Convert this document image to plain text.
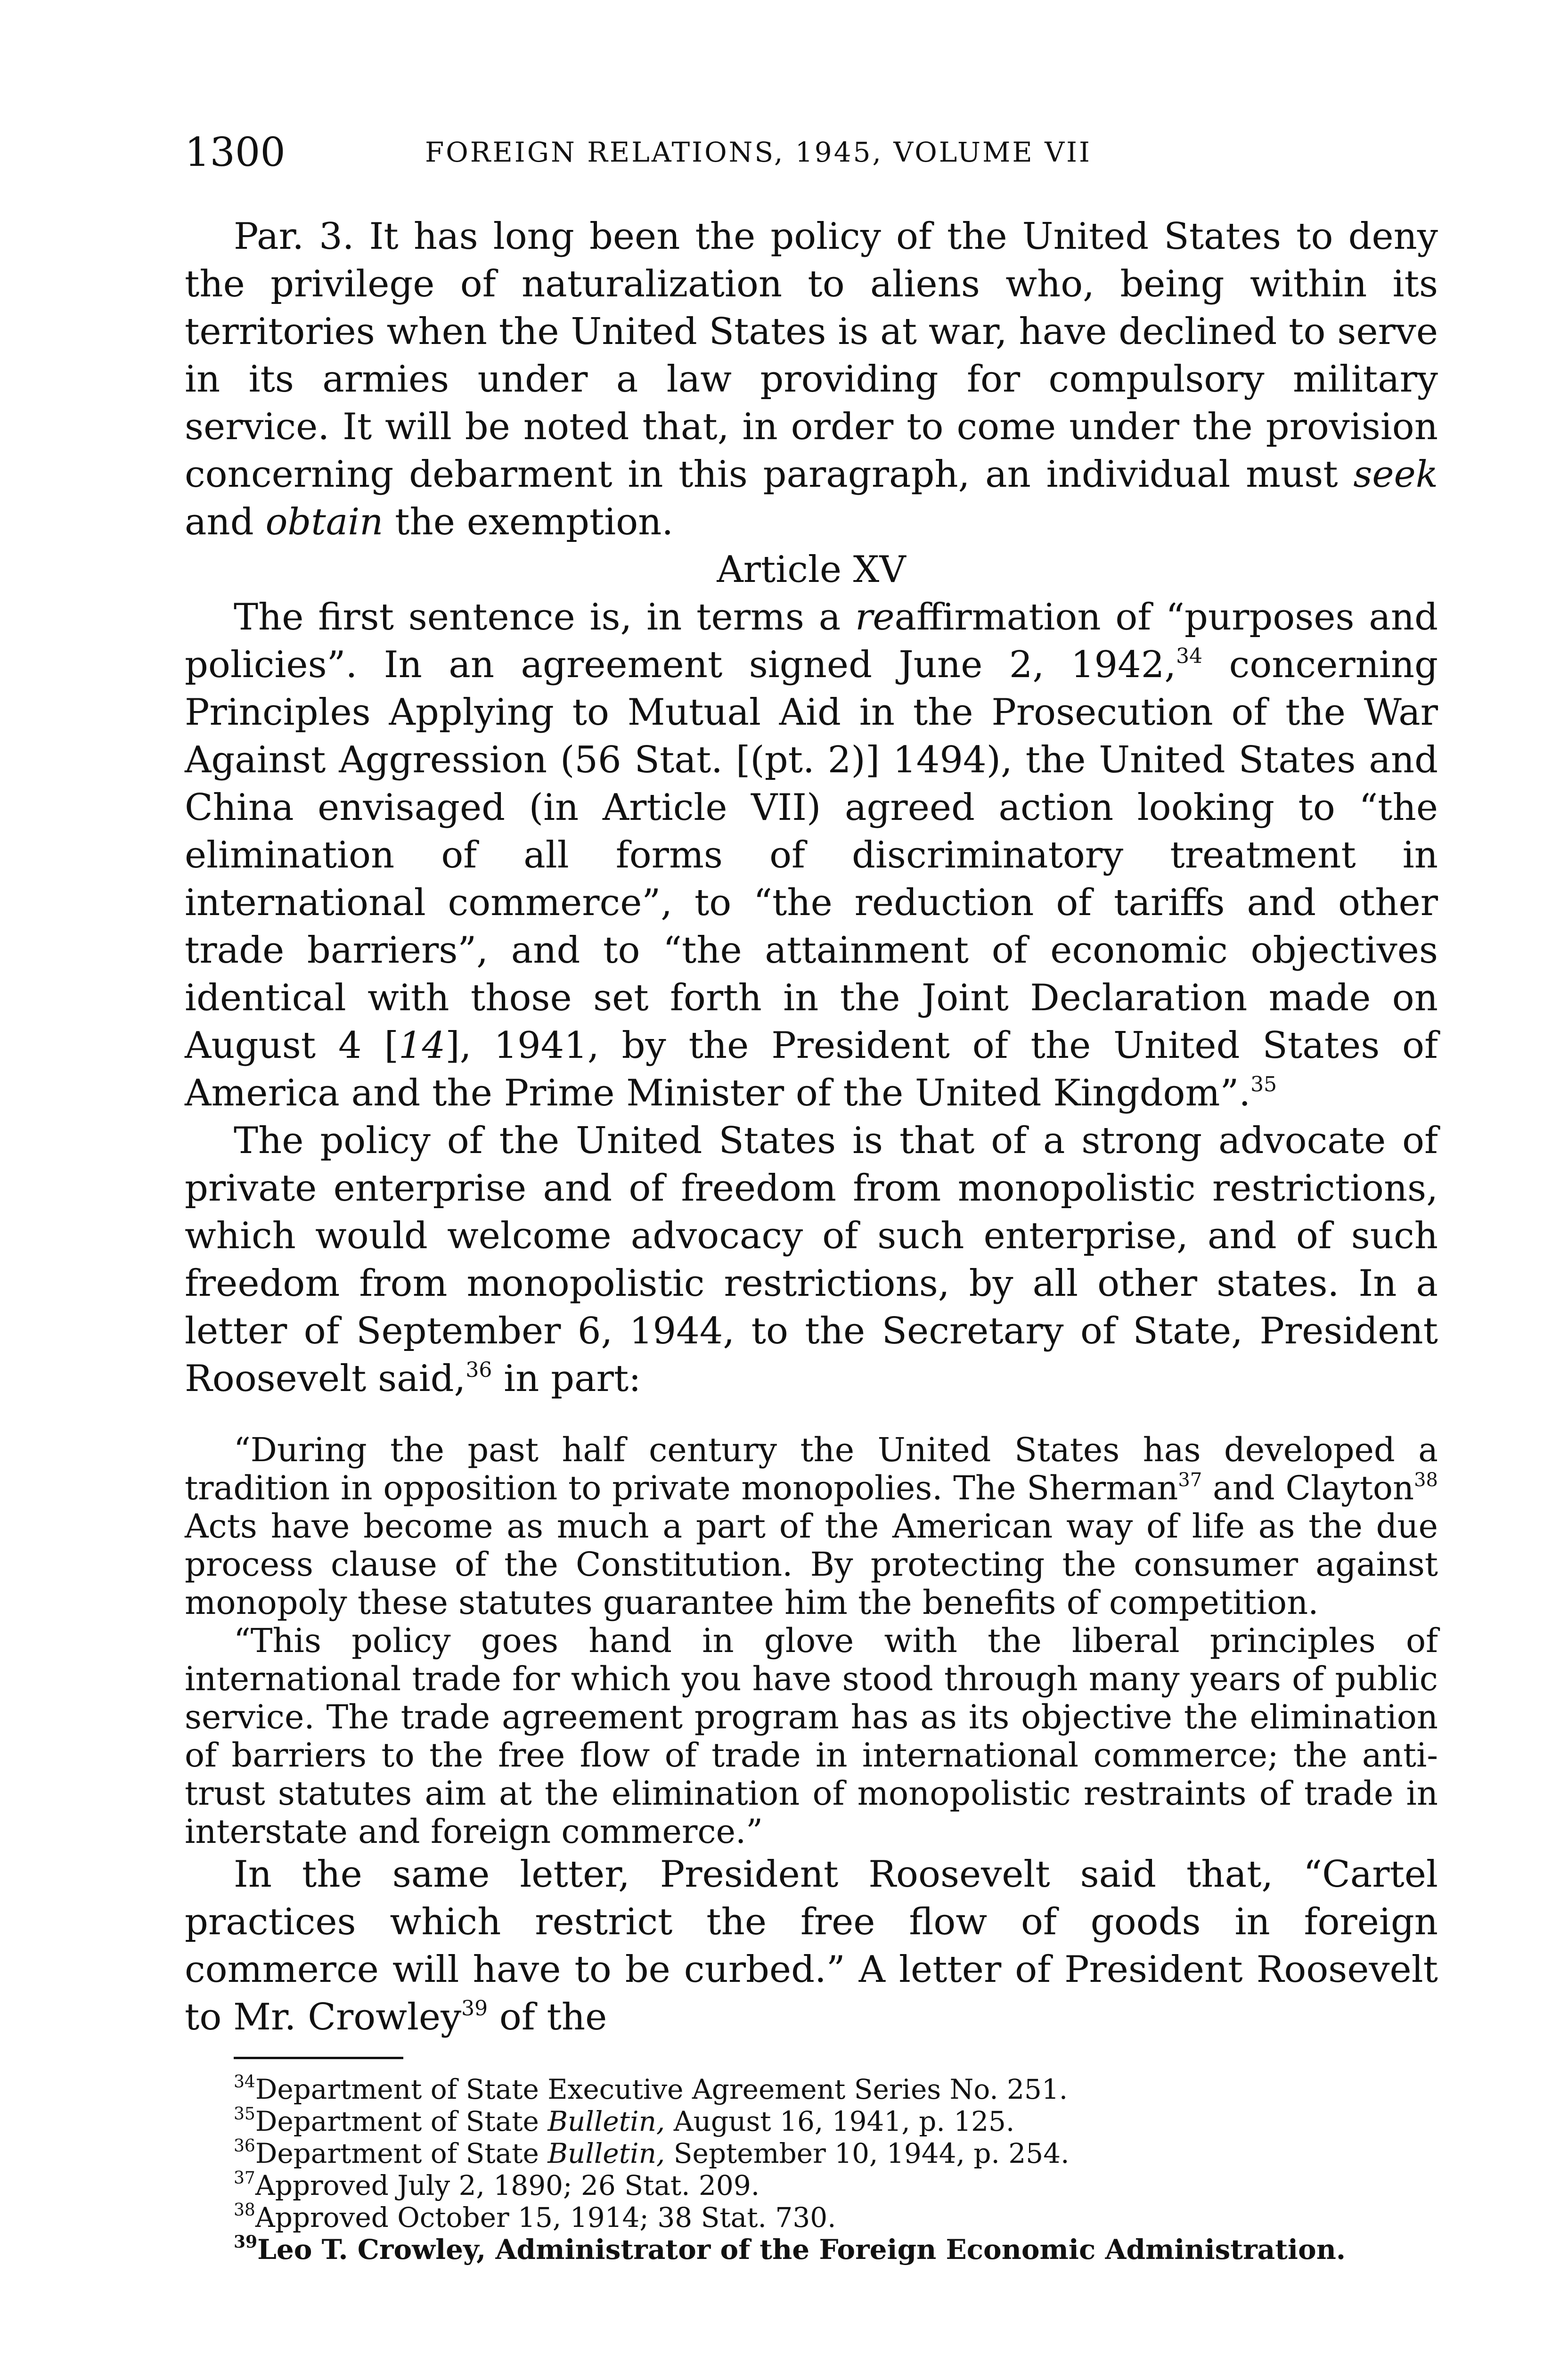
1300	FOREIGN RELATIONS, 1945, VOLUME VII

Par. 3. It has long been the policy of the United States to deny the privilege of naturalization to aliens who, being within its territories when the United States is at war, have declined to serve in its armies under a law providing for compulsory military service. It will be noted that, in order to come under the provision concerning debarment in this paragraph, an individual must seek and obtain the exemption.

Article XV

The first sentence is, in terms a reaffirmation of “purposes and policies”. In an agreement signed June 2, 1942,34 concerning Principles Applying to Mutual Aid in the Prosecution of the War Against Aggression (56 Stat. [(pt. 2)] 1494), the United States and China envisaged (in Article VII) agreed action looking to “the elimination of all forms of discriminatory treatment in international commerce”, to “the reduction of tariffs and other trade barriers”, and to “the attainment of economic objectives identical with those set forth in the Joint Declaration made on August 4 [14], 1941, by the President of the United States of America and the Prime Minister of the United Kingdom”.$^{35}$

The policy of the United States is that of a strong advocate of private enterprise and of freedom from monopolistic restrictions, which would welcome advocacy of such enterprise, and of such freedom from monopolistic restrictions, by all other states. In a letter of September 6, 1944, to the Secretary of State, President Roosevelt said,$^{36}$ in part:

“During the past half century the United States has developed a tradition in opposition to private monopolies. The Sherman$^{37}$ and Clayton$^{38}$ Acts have become as much a part of the American way of life as the due process clause of the Constitution. By protecting the consumer against monopoly these statutes guarantee him the benefits of competition.

“This policy goes hand in glove with the liberal principles of international trade for which you have stood through many years of public service. The trade agreement program has as its objective the elimination of barriers to the free flow of trade in international commerce; the anti-trust statutes aim at the elimination of monopolistic restraints of trade in interstate and foreign commerce.”

In the same letter, President Roosevelt said that, “Cartel practices which restrict the free flow of goods in foreign commerce will have to be curbed.” A letter of President Roosevelt to Mr. Crowley$^{39}$ of the

$^{34}$Department of State Executive Agreement Series No. 251.

$^{35}$Department of State Bulletin, August 16, 1941, p. 125.

$^{36}$Department of State Bulletin, September 10, 1944, p. 254.

$^{37}$Approved July 2, 1890; 26 Stat. 209.

$^{38}$Approved October 15, 1914; 38 Stat. 730.

$^{39}$Leo T. Crowley, Administrator of the Foreign Economic Administration.
